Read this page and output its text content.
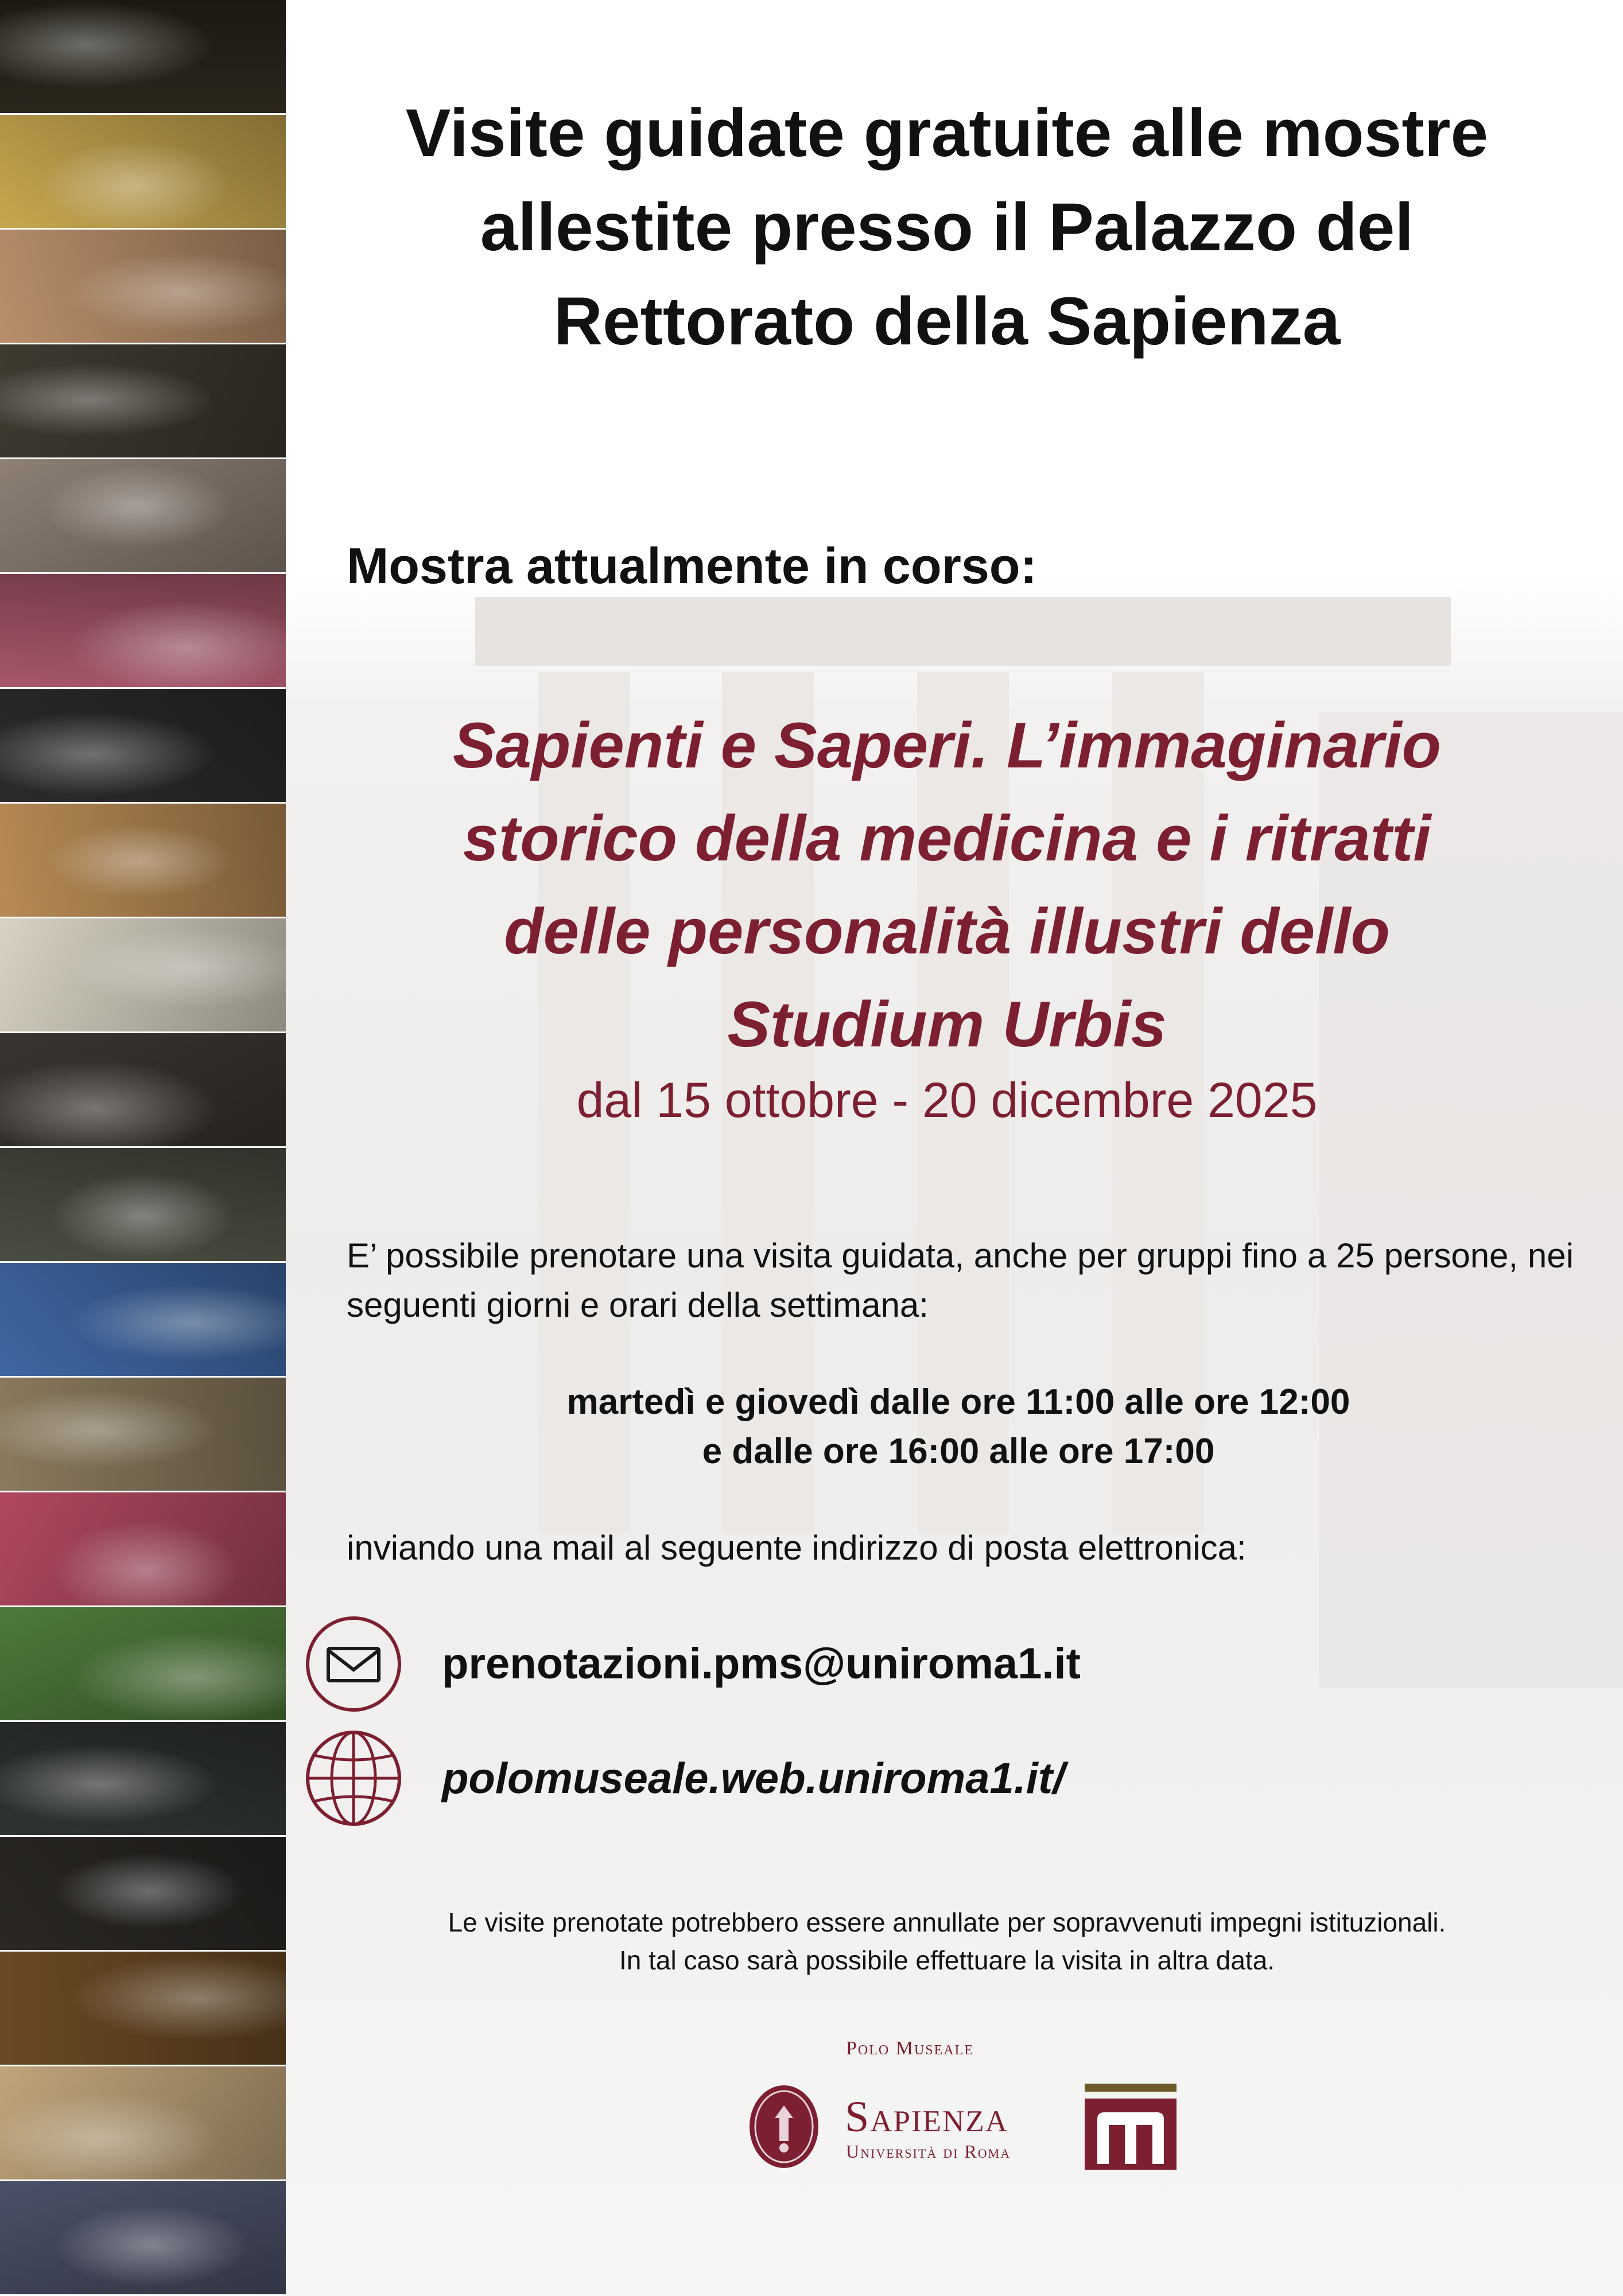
Visite guidate gratuite alle mostre
allestite presso il Palazzo del
Rettorato della Sapienza
Mostra attualmente in corso:
Sapienti e Saperi. L’immaginario
storico della medicina e i ritratti
delle personalità illustri dello
Studium Urbis
dal 15 ottobre - 20 dicembre 2025
E’ possibile prenotare una visita guidata, anche per gruppi fino a 25 persone, nei seguenti giorni e orari della settimana:
martedì e giovedì dalle ore 11:00 alle ore 12:00
e dalle ore 16:00 alle ore 17:00
inviando una mail al seguente indirizzo di posta elettronica:
prenotazioni.pms@uniroma1.it
polomuseale.web.uniroma1.it/
Le visite prenotate potrebbero essere annullate per sopravvenuti impegni istituzionali.
In tal caso sarà possibile effettuare la visita in altra data.
Polo Museale
Sapienza
Università di Roma
